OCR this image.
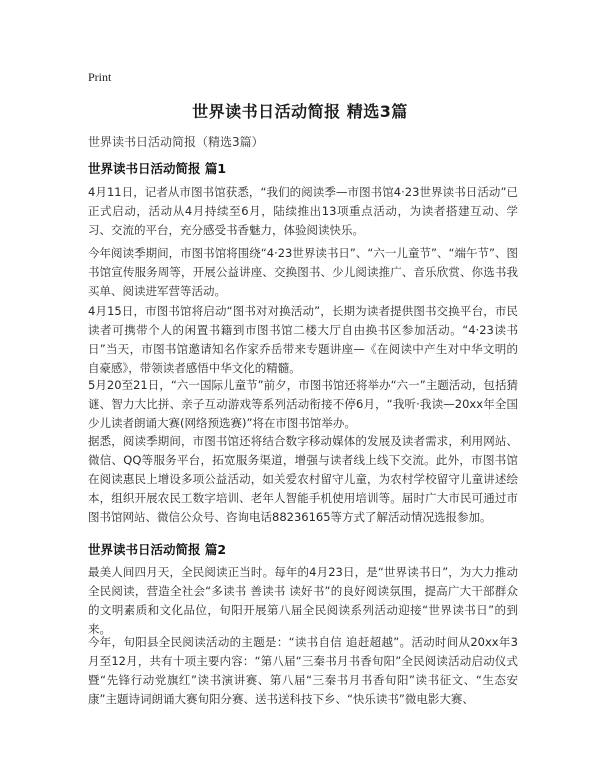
Print
世界读书日活动简报 精选3篇
世界读书日活动简报（精选3篇）
世界读书日活动简报 篇1

4月11日，记者从市图书馆获悉，“我们的阅读季—市图书馆4·23世界读书日活动”已正式启动，活动从4月持续至6月，陆续推出13项重点活动，为读者搭建互动、学习、交流的平台，充分感受书香魅力，体验阅读快乐。

今年阅读季期间，市图书馆将围绕“4·23世界读书日”、“六一儿童节”、“端午节”、图书馆宣传服务周等，开展公益讲座、交换图书、少儿阅读推广、音乐欣赏、你选书我买单、阅读进军营等活动。

4月15日，市图书馆将启动“图书对对换活动”，长期为读者提供图书交换平台，市民读者可携带个人的闲置书籍到市图书馆二楼大厅自由换书区参加活动。“4·23读书日”当天，市图书馆邀请知名作家乔岳带来专题讲座—《在阅读中产生对中华文明的自豪感》，带领读者感悟中华文化的精髓。

5月20至21日，“六一国际儿童节”前夕，市图书馆还将举办“六一”主题活动，包括猜谜、智力大比拼、亲子互动游戏等系列活动衔接不停6月，“我听·我读—20xx年全国少儿读者朗诵大赛(网络预选赛)”将在市图书馆举办。

据悉，阅读季期间，市图书馆还将结合数字移动媒体的发展及读者需求，利用网站、微信、QQ等服务平台，拓宽服务渠道，增强与读者线上线下交流。此外，市图书馆在阅读惠民上增设多项公益活动，如关爱农村留守儿童，为农村学校留守儿童讲述绘本，组织开展农民工数字培训、老年人智能手机使用培训等。届时广大市民可通过市图书馆网站、微信公众号、咨询电话88236165等方式了解活动情况选报参加。

世界读书日活动简报 篇2

最美人间四月天，全民阅读正当时。每年的4月23日，是“世界读书日”，为大力推动全民阅读，营造全社会“多读书 善读书 读好书”的良好阅读氛围，提高广大干部群众的文明素质和文化品位，旬阳开展第八届全民阅读系列活动迎接“世界读书日”的到来。

今年，旬阳县全民阅读活动的主题是：“读书自信 追赶超越”。活动时间从20xx年3月至12月，共有十项主要内容：“第八届“三秦书月书香旬阳”全民阅读活动启动仪式暨“先锋行动党旗红”读书演讲赛、第八届“三秦书月书香旬阳”读书征文、“生态安康”主题诗词朗诵大赛旬阳分赛、送书送科技下乡、“快乐读书”微电影大赛、
